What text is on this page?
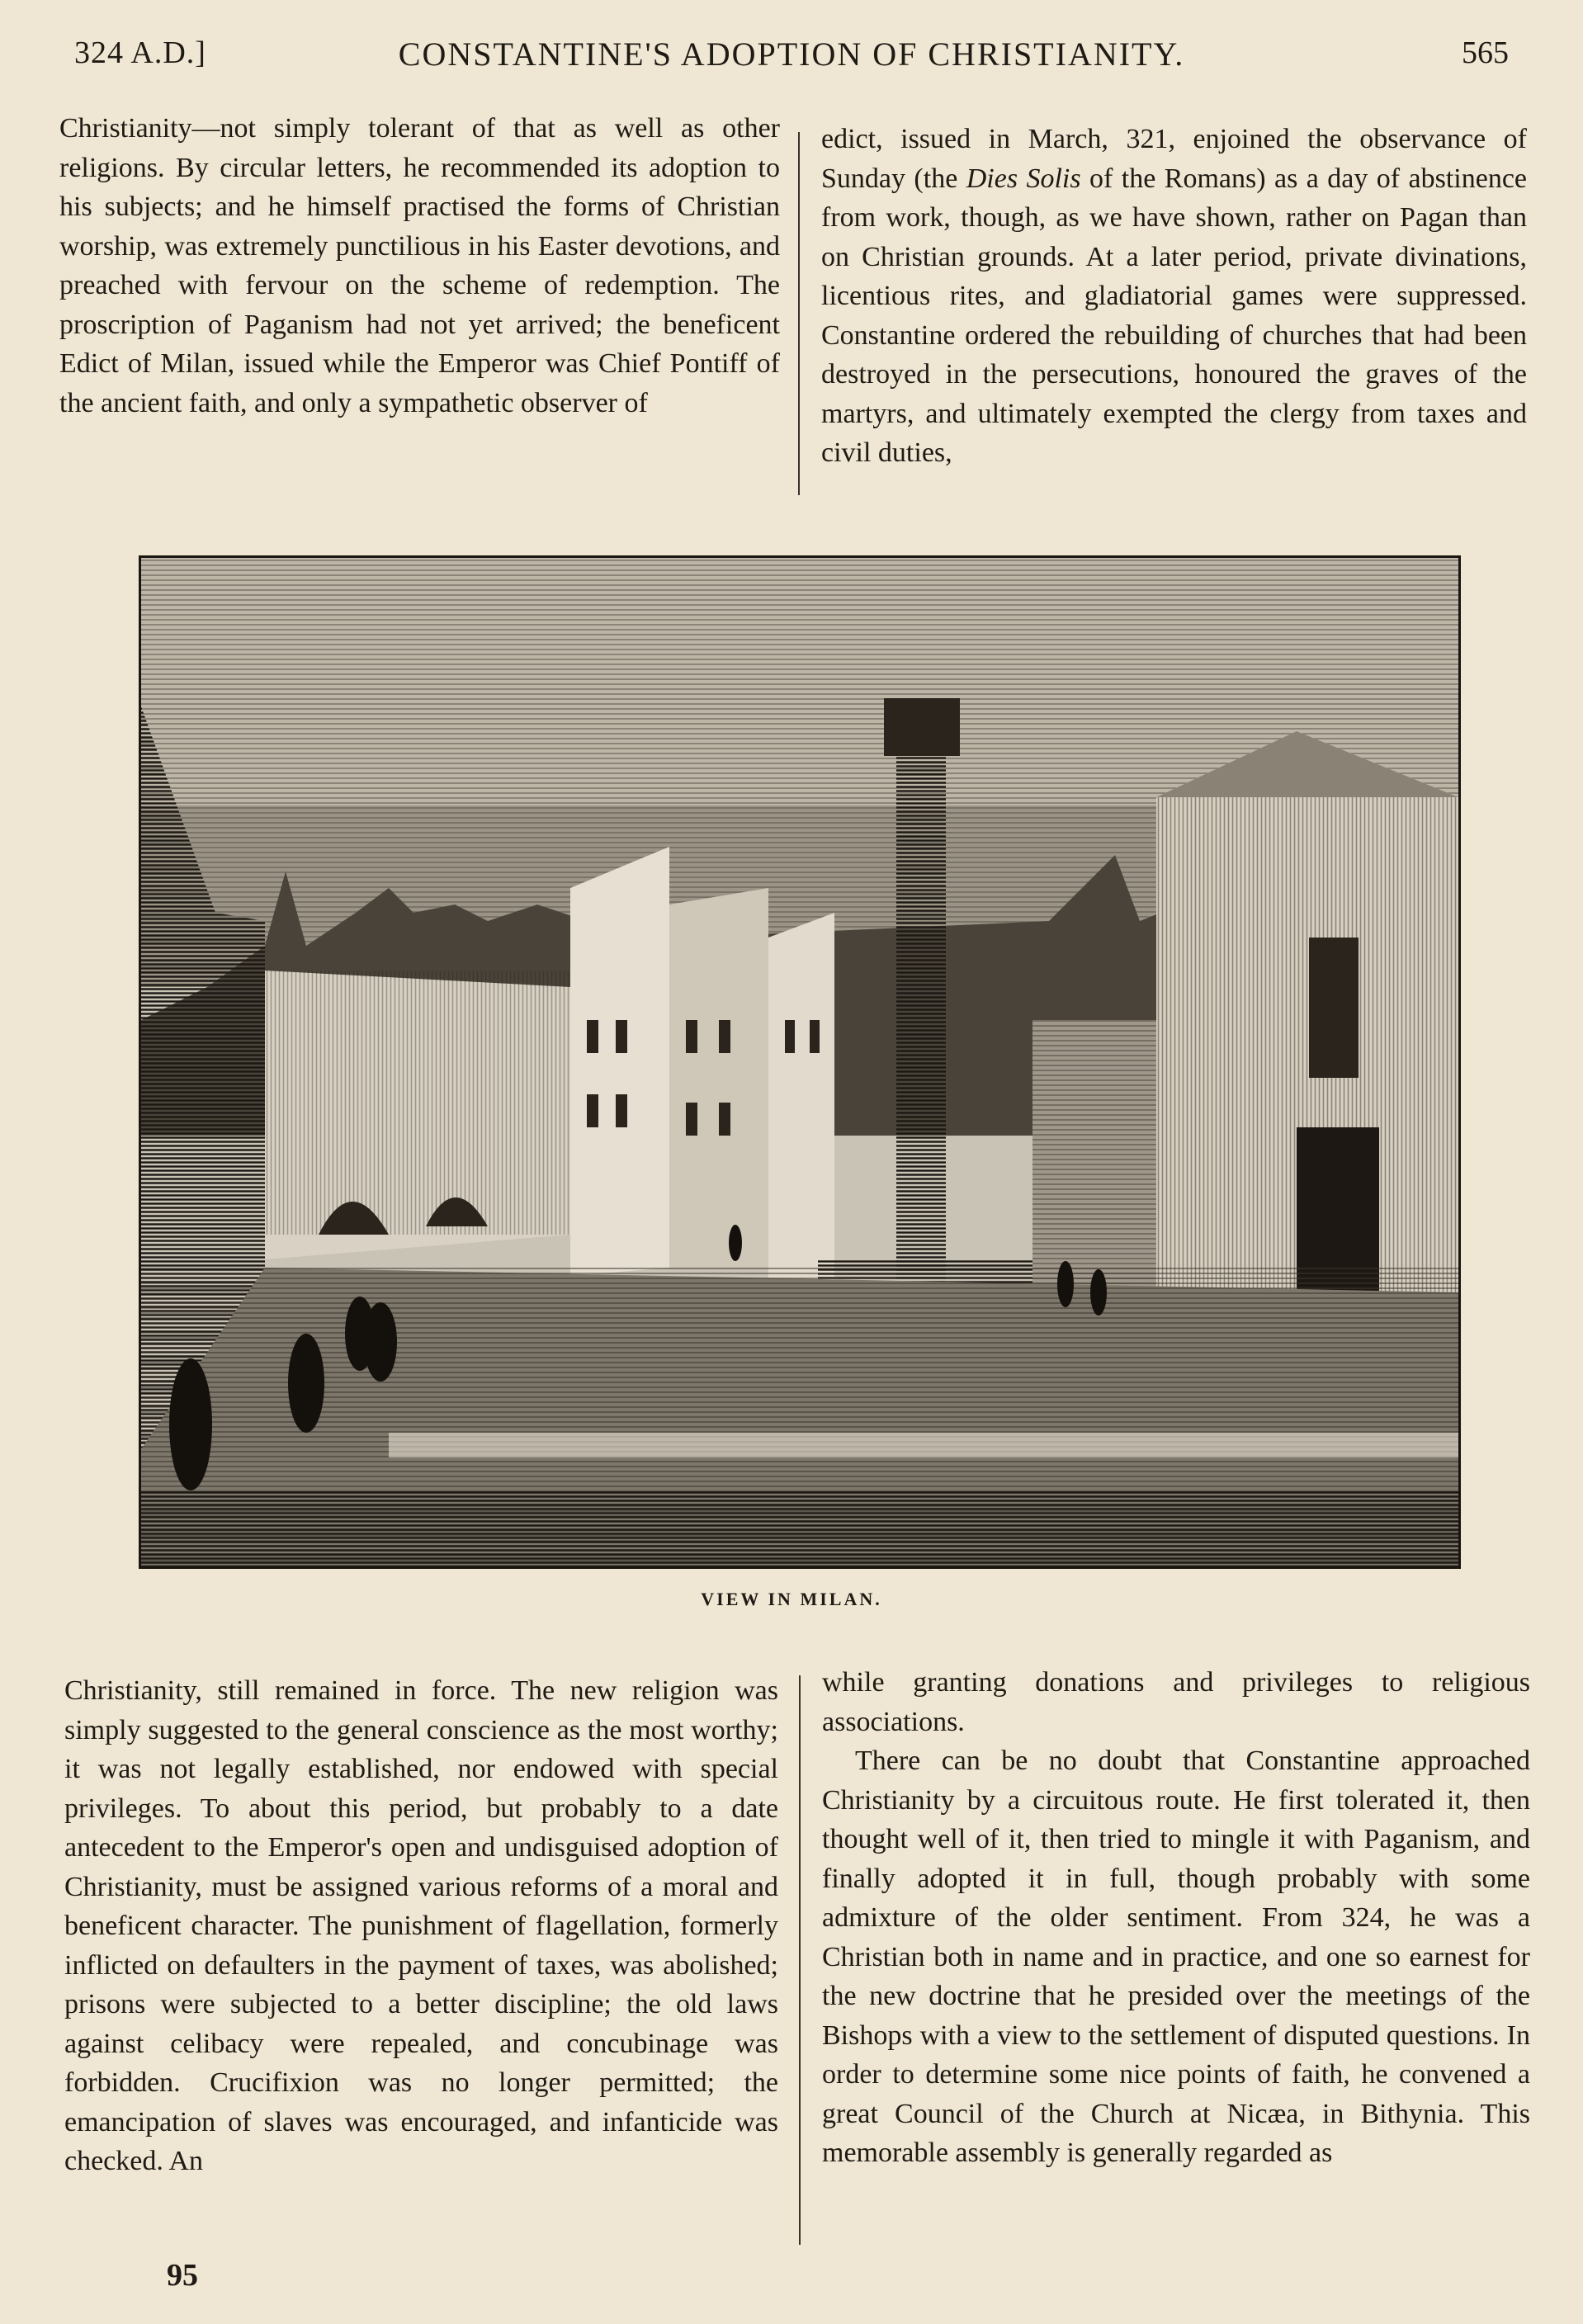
324 A.D.]	CONSTANTINE'S ADOPTION OF CHRISTIANITY.	565

Christianity—not simply tolerant of that as well as other religions. By circular letters, he recommended its adoption to his subjects; and he himself practised the forms of Christian worship, was extremely punctilious in his Easter devotions, and preached with fervour on the scheme of redemption. The proscription of Paganism had not yet arrived; the beneficent Edict of Milan, issued while the Emperor was Chief Pontiff of the ancient faith, and only a sympathetic observer of

edict, issued in March, 321, enjoined the observance of Sunday (the Dies Solis of the Romans) as a day of abstinence from work, though, as we have shown, rather on Pagan than on Christian grounds. At a later period, private divinations, licentious rites, and gladiatorial games were suppressed. Constantine ordered the rebuilding of churches that had been destroyed in the persecutions, honoured the graves of the martyrs, and ultimately exempted the clergy from taxes and civil duties,

VIEW IN MILAN.

Christianity, still remained in force. The new religion was simply suggested to the general conscience as the most worthy; it was not legally established, nor endowed with special privileges. To about this period, but probably to a date antecedent to the Emperor's open and undisguised adoption of Christianity, must be assigned various reforms of a moral and beneficent character. The punishment of flagellation, formerly inflicted on defaulters in the payment of taxes, was abolished; prisons were subjected to a better discipline; the old laws against celibacy were repealed, and concubinage was forbidden. Crucifixion was no longer permitted; the emancipation of slaves was encouraged, and infanticide was checked. An

while granting donations and privileges to religious associations.

There can be no doubt that Constantine approached Christianity by a circuitous route. He first tolerated it, then thought well of it, then tried to mingle it with Paganism, and finally adopted it in full, though probably with some admixture of the older sentiment. From 324, he was a Christian both in name and in practice, and one so earnest for the new doctrine that he presided over the meetings of the Bishops with a view to the settlement of disputed questions. In order to determine some nice points of faith, he convened a great Council of the Church at Nicæa, in Bithynia. This memorable assembly is generally regarded as

95
